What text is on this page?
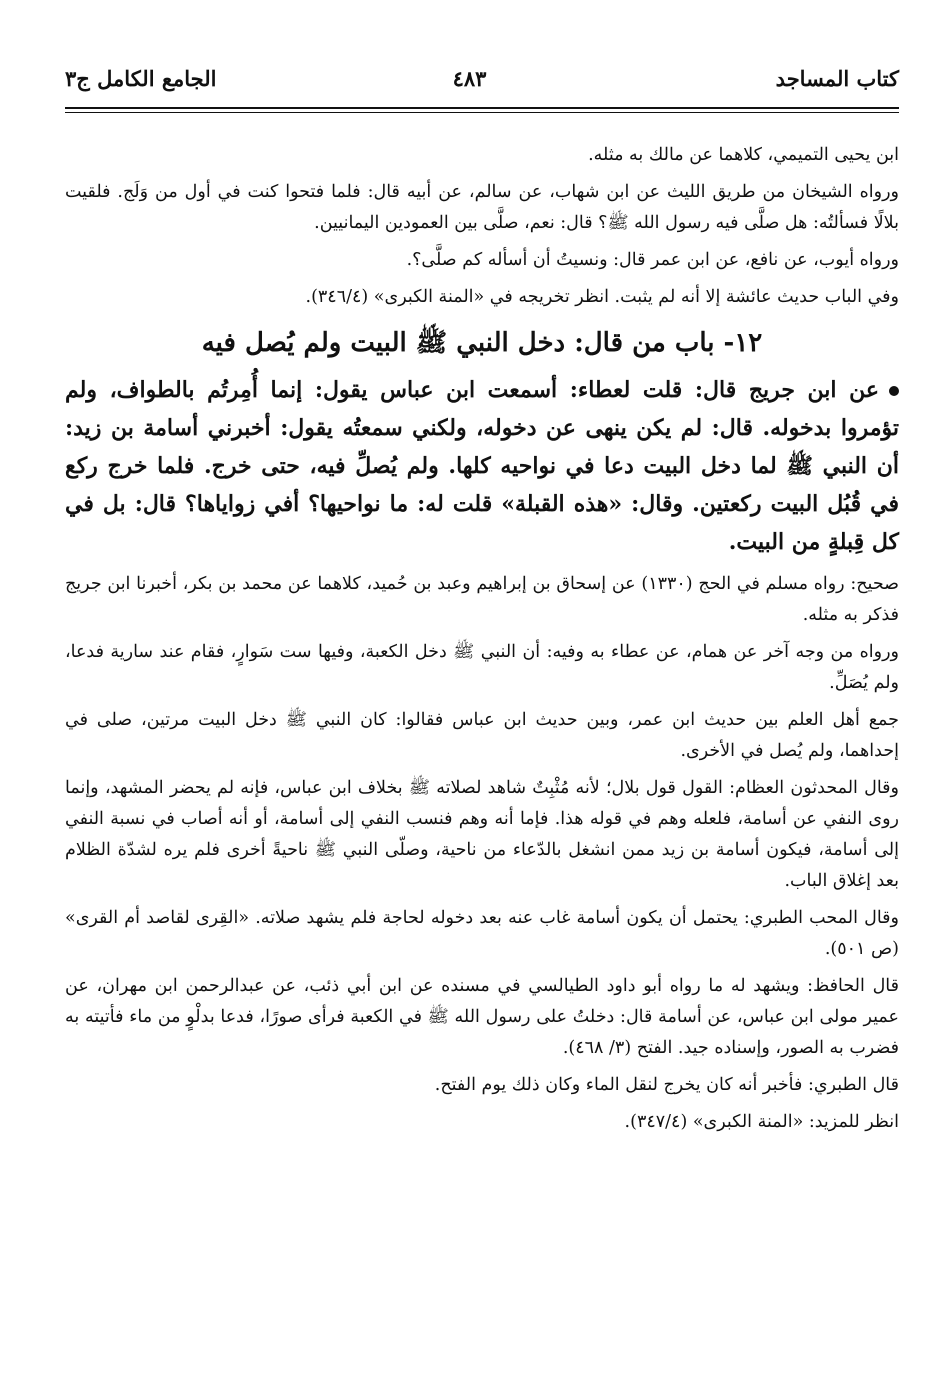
كتاب المساجد
٤٨٣
الجامع الكامل ج٣

ابن يحيى التميمي، كلاهما عن مالك به مثله.

ورواه الشيخان من طريق الليث عن ابن شهاب، عن سالم، عن أبيه قال: فلما فتحوا كنت في أول من وَلَج. فلقيت بلالًا فسألتُه: هل صلَّى فيه رسول الله ﷺ؟ قال: نعم، صلَّى بين العمودين اليمانيين.

ورواه أيوب، عن نافع، عن ابن عمر قال: ونسيتُ أن أسأله كم صلَّى؟.

وفي الباب حديث عائشة إلا أنه لم يثبت. انظر تخريجه في «المنة الكبرى» (٣٤٦/٤).

١٢- باب من قال: دخل النبي ﷺ البيت ولم يُصل فيه

عن ابن جريج قال: قلت لعطاء: أسمعت ابن عباس يقول: إنما أُمِرتُم بالطواف، ولم تؤمروا بدخوله. قال: لم يكن ينهى عن دخوله، ولكني سمعتُه يقول: أخبرني أسامة بن زيد: أن النبي ﷺ لما دخل البيت دعا في نواحيه كلها. ولم يُصلِّ فيه، حتى خرج. فلما خرج ركع في قُبُل البيت ركعتين. وقال: «هذه القبلة» قلت له: ما نواحيها؟ أفي زواياها؟ قال: بل في كل قِبلةٍ من البيت.

صحيح: رواه مسلم في الحج (١٣٣٠) عن إسحاق بن إبراهيم وعبد بن حُميد، كلاهما عن محمد بن بكر، أخبرنا ابن جريج فذكر به مثله.

ورواه من وجه آخر عن همام، عن عطاء به وفيه: أن النبي ﷺ دخل الكعبة، وفيها ست سَوارٍ، فقام عند سارية فدعا، ولم يُصَلِّ.

جمع أهل العلم بين حديث ابن عمر، وبين حديث ابن عباس فقالوا: كان النبي ﷺ دخل البيت مرتين، صلى في إحداهما، ولم يُصل في الأخرى.

وقال المحدثون العظام: القول قول بلال؛ لأنه مُثْبِتٌ شاهد لصلاته ﷺ بخلاف ابن عباس، فإنه لم يحضر المشهد، وإنما روى النفي عن أسامة، فلعله وهم في قوله هذا. فإما أنه وهم فنسب النفي إلى أسامة، أو أنه أصاب في نسبة النفي إلى أسامة، فيكون أسامة بن زيد ممن انشغل بالدّعاء من ناحية، وصلّى النبي ﷺ ناحيةً أخرى فلم يره لشدّة الظلام بعد إغلاق الباب.

وقال المحب الطبري: يحتمل أن يكون أسامة غاب عنه بعد دخوله لحاجة فلم يشهد صلاته. «القِرى لقاصد أم القرى» (ص ٥٠١).

قال الحافظ: ويشهد له ما رواه أبو داود الطيالسي في مسنده عن ابن أبي ذئب، عن عبدالرحمن ابن مهران، عن عمير مولى ابن عباس، عن أسامة قال: دخلتُ على رسول الله ﷺ في الكعبة فرأى صورًا، فدعا بدلْوٍ من ماء فأتيته به فضرب به الصور، وإسناده جيد. الفتح (٣/ ٤٦٨).

قال الطبري: فأخبر أنه كان يخرج لنقل الماء وكان ذلك يوم الفتح.

انظر للمزيد: «المنة الكبرى» (٣٤٧/٤).
